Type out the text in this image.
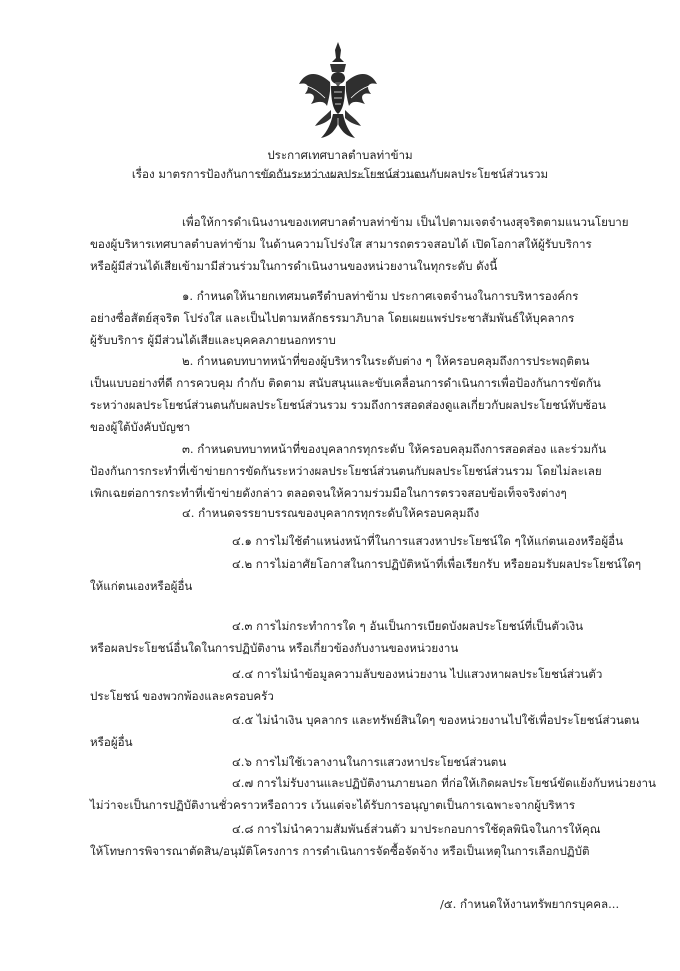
ประกาศเทศบาลตำบลท่าข้าม
เรื่อง มาตรการป้องกันการขัดกันระหว่างผลประโยชน์ส่วนตนกับผลประโยชน์ส่วนรวม
เพื่อให้การดำเนินงานของเทศบาลตำบลท่าข้าม เป็นไปตามเจตจำนงสุจริตตามแนวนโยบาย
ของผู้บริหารเทศบาลตำบลท่าข้าม ในด้านความโปร่งใส สามารถตรวจสอบได้ เปิดโอกาสให้ผู้รับบริการ
หรือผู้มีส่วนได้เสียเข้ามามีส่วนร่วมในการดำเนินงานของหน่วยงานในทุกระดับ ดังนี้
๑. กำหนดให้นายกเทศมนตรีตำบลท่าข้าม ประกาศเจตจำนงในการบริหารองค์กร
อย่างซื่อสัตย์สุจริต โปร่งใส และเป็นไปตามหลักธรรมาภิบาล โดยเผยแพร่ประชาสัมพันธ์ให้บุคลากร
ผู้รับบริการ ผู้มีส่วนได้เสียและบุคคลภายนอกทราบ
๒. กำหนดบทบาทหน้าที่ของผู้บริหารในระดับต่าง ๆ ให้ครอบคลุมถึงการประพฤติตน
เป็นแบบอย่างที่ดี การควบคุม กำกับ ติดตาม สนับสนุนและขับเคลื่อนการดำเนินการเพื่อป้องกันการขัดกัน
ระหว่างผลประโยชน์ส่วนตนกับผลประโยชน์ส่วนรวม รวมถึงการสอดส่องดูแลเกี่ยวกับผลประโยชน์ทับซ้อน
ของผู้ใต้บังคับบัญชา
๓. กำหนดบทบาทหน้าที่ของบุคลากรทุกระดับ ให้ครอบคลุมถึงการสอดส่อง และร่วมกัน
ป้องกันการกระทำที่เข้าข่ายการขัดกันระหว่างผลประโยชน์ส่วนตนกับผลประโยชน์ส่วนรวม โดยไม่ละเลย
เพิกเฉยต่อการกระทำที่เข้าข่ายดังกล่าว ตลอดจนให้ความร่วมมือในการตรวจสอบข้อเท็จจริงต่างๆ
๔. กำหนดจรรยาบรรณของบุคลากรทุกระดับให้ครอบคลุมถึง
๔.๑ การไม่ใช้ตำแหน่งหน้าที่ในการแสวงหาประโยชน์ใด ๆให้แก่ตนเองหรือผู้อื่น
๔.๒ การไม่อาศัยโอกาสในการปฏิบัติหน้าที่เพื่อเรียกรับ หรือยอมรับผลประโยชน์ใดๆ
ให้แก่ตนเองหรือผู้อื่น
๔.๓ การไม่กระทำการใด ๆ อันเป็นการเบียดบังผลประโยชน์ที่เป็นตัวเงิน
หรือผลประโยชน์อื่นใดในการปฏิบัติงาน หรือเกี่ยวข้องกับงานของหน่วยงาน
๔.๔ การไม่นำข้อมูลความลับของหน่วยงาน ไปแสวงหาผลประโยชน์ส่วนตัว
ประโยชน์ ของพวกพ้องและครอบครัว
๔.๕ ไม่นำเงิน บุคลากร และทรัพย์สินใดๆ ของหน่วยงานไปใช้เพื่อประโยชน์ส่วนตน
หรือผู้อื่น
๔.๖ การไม่ใช้เวลางานในการแสวงหาประโยชน์ส่วนตน
๔.๗ การไม่รับงานและปฏิบัติงานภายนอก ที่ก่อให้เกิดผลประโยชน์ขัดแย้งกับหน่วยงาน
ไม่ว่าจะเป็นการปฏิบัติงานชั่วคราวหรือถาวร เว้นแต่จะได้รับการอนุญาตเป็นการเฉพาะจากผู้บริหาร
๔.๘ การไม่นำความสัมพันธ์ส่วนตัว มาประกอบการใช้ดุลพินิจในการให้คุณ
ให้โทษการพิจารณาตัดสิน/อนุมัติโครงการ การดำเนินการจัดซื้อจัดจ้าง หรือเป็นเหตุในการเลือกปฏิบัติ
/๕. กำหนดให้งานทรัพยากรบุคคล...
